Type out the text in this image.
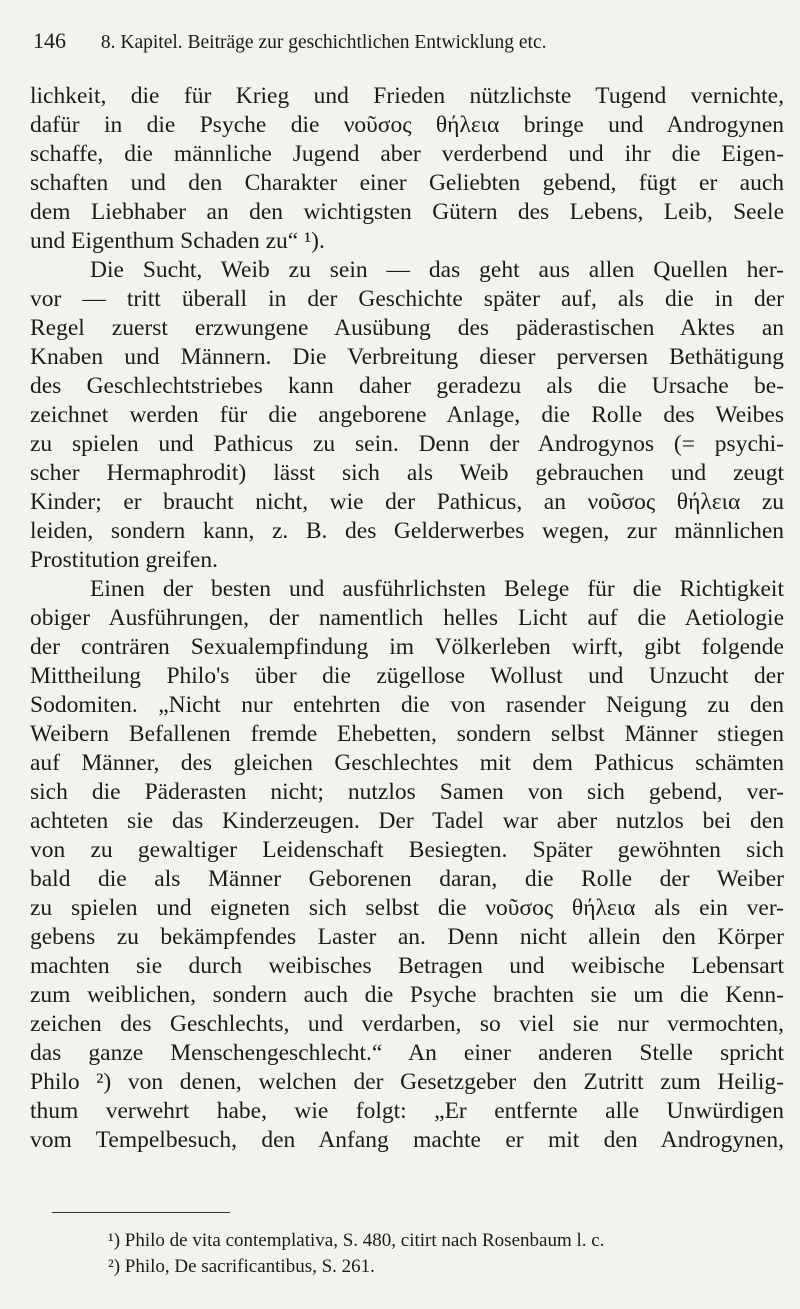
146 8. Kapitel. Beiträge zur geschichtlichen Entwicklung etc.
lichkeit, die für Krieg und Frieden nützlichste Tugend vernichte,
dafür in die Psyche die νοῦσος θήλεια bringe und Androgynen
schaffe, die männliche Jugend aber verderbend und ihr die Eigen-
schaften und den Charakter einer Geliebten gebend, fügt er auch
dem Liebhaber an den wichtigsten Gütern des Lebens, Leib, Seele
und Eigenthum Schaden zu“ ¹).
Die Sucht, Weib zu sein — das geht aus allen Quellen her-
vor — tritt überall in der Geschichte später auf, als die in der
Regel zuerst erzwungene Ausübung des päderastischen Aktes an
Knaben und Männern. Die Verbreitung dieser perversen Bethätigung
des Geschlechtstriebes kann daher geradezu als die Ursache be-
zeichnet werden für die angeborene Anlage, die Rolle des Weibes
zu spielen und Pathicus zu sein. Denn der Androgynos (= psychi-
scher Hermaphrodit) lässt sich als Weib gebrauchen und zeugt
Kinder; er braucht nicht, wie der Pathicus, an νοῦσος θήλεια zu
leiden, sondern kann, z. B. des Gelderwerbes wegen, zur männlichen
Prostitution greifen.
Einen der besten und ausführlichsten Belege für die Richtigkeit
obiger Ausführungen, der namentlich helles Licht auf die Aetiologie
der conträren Sexualempfindung im Völkerleben wirft, gibt folgende
Mittheilung Philo's über die zügellose Wollust und Unzucht der
Sodomiten. „Nicht nur entehrten die von rasender Neigung zu den
Weibern Befallenen fremde Ehebetten, sondern selbst Männer stiegen
auf Männer, des gleichen Geschlechtes mit dem Pathicus schämten
sich die Päderasten nicht; nutzlos Samen von sich gebend, ver-
achteten sie das Kinderzeugen. Der Tadel war aber nutzlos bei den
von zu gewaltiger Leidenschaft Besiegten. Später gewöhnten sich
bald die als Männer Geborenen daran, die Rolle der Weiber
zu spielen und eigneten sich selbst die νοῦσος θήλεια als ein ver-
gebens zu bekämpfendes Laster an. Denn nicht allein den Körper
machten sie durch weibisches Betragen und weibische Lebensart
zum weiblichen, sondern auch die Psyche brachten sie um die Kenn-
zeichen des Geschlechts, und verdarben, so viel sie nur vermochten,
das ganze Menschengeschlecht.“ An einer anderen Stelle spricht
Philo ²) von denen, welchen der Gesetzgeber den Zutritt zum Heilig-
thum verwehrt habe, wie folgt: „Er entfernte alle Unwürdigen
vom Tempelbesuch, den Anfang machte er mit den Androgynen,
¹) Philo de vita contemplativa, S. 480, citirt nach Rosenbaum l. c.
²) Philo, De sacrificantibus, S. 261.
